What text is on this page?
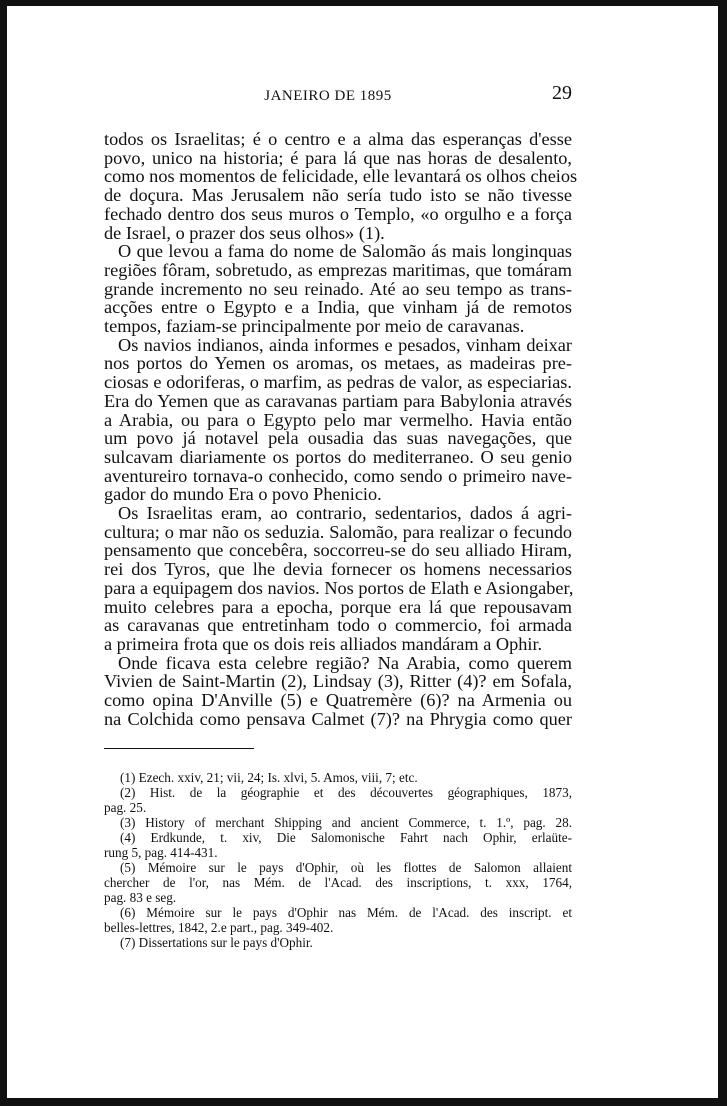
JANEIRO DE 1895	29
todos os Israelitas; é o centro e a alma das esperanças d'esse
povo, unico na historia; é para lá que nas horas de desalento,
como nos momentos de felicidade, elle levantará os olhos cheios
de doçura. Mas Jerusalem não sería tudo isto se não tivesse
fechado dentro dos seus muros o Templo, «o orgulho e a força
de Israel, o prazer dos seus olhos» (1).
O que levou a fama do nome de Salomão ás mais longinquas
regiões fôram, sobretudo, as emprezas maritimas, que tomáram
grande incremento no seu reinado. Até ao seu tempo as trans-
acções entre o Egypto e a India, que vinham já de remotos
tempos, faziam-se principalmente por meio de caravanas.
Os navios indianos, ainda informes e pesados, vinham deixar
nos portos do Yemen os aromas, os metaes, as madeiras pre-
ciosas e odoriferas, o marfim, as pedras de valor, as especiarias.
Era do Yemen que as caravanas partiam para Babylonia através
a Arabia, ou para o Egypto pelo mar vermelho. Havia então
um povo já notavel pela ousadia das suas navegações, que
sulcavam diariamente os portos do mediterraneo. O seu genio
aventureiro tornava-o conhecido, como sendo o primeiro nave-
gador do mundo Era o povo Phenicio.
Os Israelitas eram, ao contrario, sedentarios, dados á agri-
cultura; o mar não os seduzia. Salomão, para realizar o fecundo
pensamento que concebêra, soccorreu-se do seu alliado Hiram,
rei dos Tyros, que lhe devia fornecer os homens necessarios
para a equipagem dos navios. Nos portos de Elath e Asiongaber,
muito celebres para a epocha, porque era lá que repousavam
as caravanas que entretinham todo o commercio, foi armada
a primeira frota que os dois reis alliados mandáram a Ophir.
Onde ficava esta celebre região? Na Arabia, como querem
Vivien de Saint-Martin (2), Lindsay (3), Ritter (4)? em Sofala,
como opina D'Anville (5) e Quatremère (6)? na Armenia ou
na Colchida como pensava Calmet (7)? na Phrygia como quer
(1) Ezech. xxiv, 21; vii, 24; Is. xlvi, 5. Amos, viii, 7; etc.
(2) Hist. de la géographie et des découvertes géographiques, 1873,
pag. 25.
(3) History of merchant Shipping and ancient Commerce, t. 1.º, pag. 28.
(4) Erdkunde, t. xiv, Die Salomonische Fahrt nach Ophir, erlaüte-
rung 5, pag. 414-431.
(5) Mémoire sur le pays d'Ophir, où les flottes de Salomon allaient
chercher de l'or, nas Mém. de l'Acad. des inscriptions, t. xxx, 1764,
pag. 83 e seg.
(6) Mémoire sur le pays d'Ophir nas Mém. de l'Acad. des inscript. et
belles-lettres, 1842, 2.e part., pag. 349-402.
(7) Dissertations sur le pays d'Ophir.
